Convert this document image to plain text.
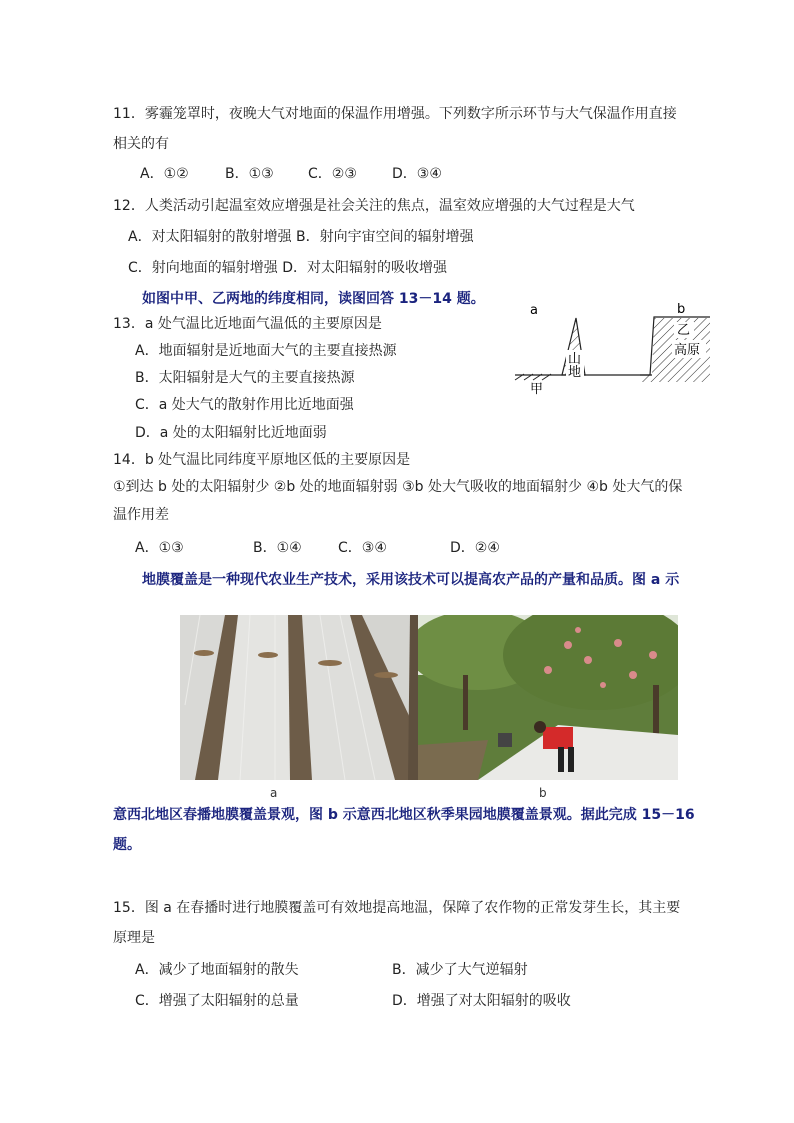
11．雾霾笼罩时，夜晚大气对地面的保温作用增强。下列数字所示环节与大气保温作用直接
相关的有
A．①②	B．①③ C．②③	D．③④
12．人类活动引起温室效应增强是社会关注的焦点，温室效应增强的大气过程是大气
A．对太阳辐射的散射增强 B．射向宇宙空间的辐射增强
C．射向地面的辐射增强 D．对太阳辐射的吸收增强
如图中甲、乙两地的纬度相同，读图回答 13－14 题。
a	b
山
地
甲
乙
高原
13．a 处气温比近地面气温低的主要原因是
A．地面辐射是近地面大气的主要直接热源
B．太阳辐射是大气的主要直接热源
C．a 处大气的散射作用比近地面强
D．a 处的太阳辐射比近地面弱
14．b 处气温比同纬度平原地区低的主要原因是
①到达 b 处的太阳辐射少 ②b 处的地面辐射弱 ③b 处大气吸收的地面辐射少 ④b 处大气的保
温作用差
A．①③	B．①④	C．③④	D．②④
地膜覆盖是一种现代农业生产技术，采用该技术可以提高农产品的产量和品质。图 a 示
a	b
意西北地区春播地膜覆盖景观，图 b 示意西北地区秋季果园地膜覆盖景观。据此完成 15－16
题。
15．图 a 在春播时进行地膜覆盖可有效地提高地温，保障了农作物的正常发芽生长，其主要
原理是
A．减少了地面辐射的散失	B．减少了大气逆辐射
C．增强了太阳辐射的总量	D．增强了对太阳辐射的吸收
